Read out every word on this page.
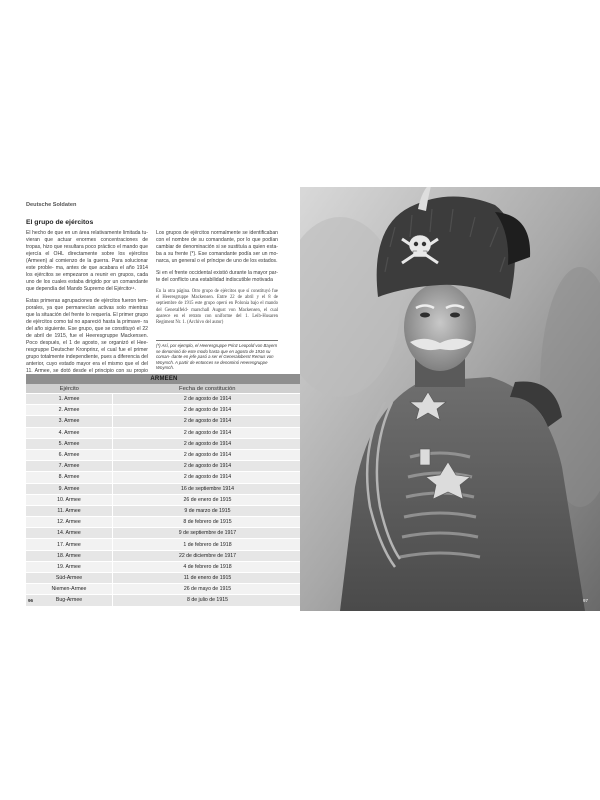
Deutsche Soldaten
El grupo de ejércitos

El hecho de que en un área relativamente limitada tu- vieran que actuar enormes concentraciones de tropas, hizo que resultara poco práctico el mando que ejercía el OHL directamente sobre los ejércitos (Armeen) al comienzo de la guerra. Para solucionar este proble- ma, antes de que acabara el año 1914 los ejércitos se empezaron a reunir en grupos, cada uno de los cuales estaba dirigido por un comandante que dependía del Mando Supremo del Ejército¹¹.

Estas primeras agrupaciones de ejércitos fueron tem- porales, ya que permanecían activas solo mientras que la situación del frente lo requería. El primer grupo de ejércitos como tal no apareció hasta la primave- ra del año siguiente. Ese grupo, que se constituyó el 22 de abril de 1915, fue el Heeresgruppe Mackensen. Poco después, el 1 de agosto, se organizó el Hee- resgruppe Deutscher Kronprinz, el cual fue el primer grupo totalmente independiente, pues a diferencia del anterior, cuyo estado mayor era el mismo que el del 11. Armee, se dotó desde el principio con su propio

Los grupos de ejércitos normalmente se identificaban con el nombre de su comandante, por lo que podían cambiar de denominación si se sustituía a quien esta- ba a su frente (*). Ese comandante podía ser un mo- narca, un general o el príncipe de uno de los estados.

Si en el frente occidental existió durante la mayor par- te del conflicto una estabilidad indiscutible motivada

En la otra página. Otro grupo de ejércitos que sí constituyó fue el Heeresgruppe Mackensen. Entre 22 de abril y el 8 de septiembre de 1915 este grupo operó en Polonia bajo el mando del Generalfeld- marschall August von Mackensen, el cual aparece en el retrato con uniforme del 1. Leib-Husaren Regiment Nr. 1. (Archivo del autor)

(*) Así, por ejemplo, el Heeresgruppe Prinz Leopold von Bayern se denominó de este modo hasta que en agosto de 1916 su coman- dante en jefe pasó a ser el Generaloberst Remus von Woyrsch. A partir de entonces se denominó Heeresgruppe Woyrsch.
ARMEEN	
Ejército	Fecha de constitución
1. Armee	2 de agosto de 1914
2. Armee	2 de agosto de 1914
3. Armee	2 de agosto de 1914
4. Armee	2 de agosto de 1914
5. Armee	2 de agosto de 1914
6. Armee	2 de agosto de 1914
7. Armee	2 de agosto de 1914
8. Armee	2 de agosto de 1914
9. Armee	16 de septiembre 1914
10. Armee	26 de enero de 1915
11. Armee	9 de marzo de 1915
12. Armee	8 de febrero de 1915
14. Armee	9 de septiembre de 1917
17. Armee	1 de febrero de 1918
18. Armee	22 de diciembre de 1917
19. Armee	4 de febrero de 1918
Süd-Armee	11 de enero de 1915
Niemen-Armee	26 de mayo de 1915
Bug-Armee	8 de julio de 1915
96	97
